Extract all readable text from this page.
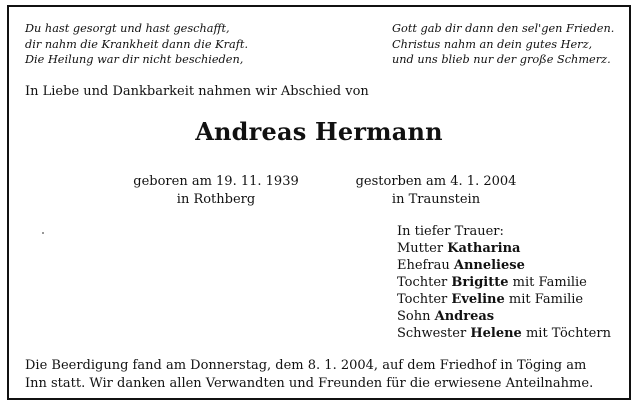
Du hast gesorgt und hast geschafft,
dir nahm die Krankheit dann die Kraft.
Die Heilung war dir nicht beschieden,
Gott gab dir dann den sel'gen Frieden.
Christus nahm an dein gutes Herz,
und uns blieb nur der große Schmerz.
In Liebe und Dankbarkeit nahmen wir Abschied von
Andreas Hermann
geboren am 19. 11. 1939
in Rothberg
gestorben am 4. 1. 2004
in Traunstein
In tiefer Trauer:
Mutter Katharina
Ehefrau Anneliese
Tochter Brigitte mit Familie
Tochter Eveline mit Familie
Sohn Andreas
Schwester Helene mit Töchtern
Die Beerdigung fand am Donnerstag, dem 8. 1. 2004, auf dem Friedhof in Töging am
Inn statt. Wir danken allen Verwandten und Freunden für die erwiesene Anteilnahme.
